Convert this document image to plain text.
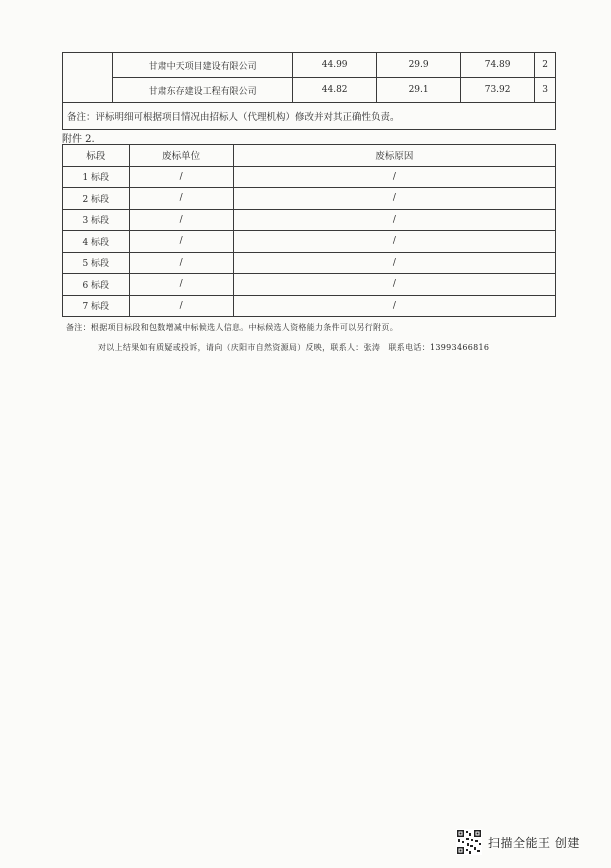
	甘肃中天项目建设有限公司	44.99	29.9	74.89	2
	甘肃东存建设工程有限公司	44.82	29.1	73.92	3
备注：评标明细可根据项目情况由招标人（代理机构）修改并对其正确性负责。					
附件 2.
标段	废标单位	废标原因
1 标段	/	/
2 标段	/	/
3 标段	/	/
4 标段	/	/
5 标段	/	/
6 标段	/	/
7 标段	/	/
备注：根据项目标段和包数增减中标候选人信息。中标候选人资格能力条件可以另行附页。
对以上结果如有质疑或投诉，请向（庆阳市自然资源局）反映，联系人：张涛　联系电话：13993466816
扫描全能王 创建
